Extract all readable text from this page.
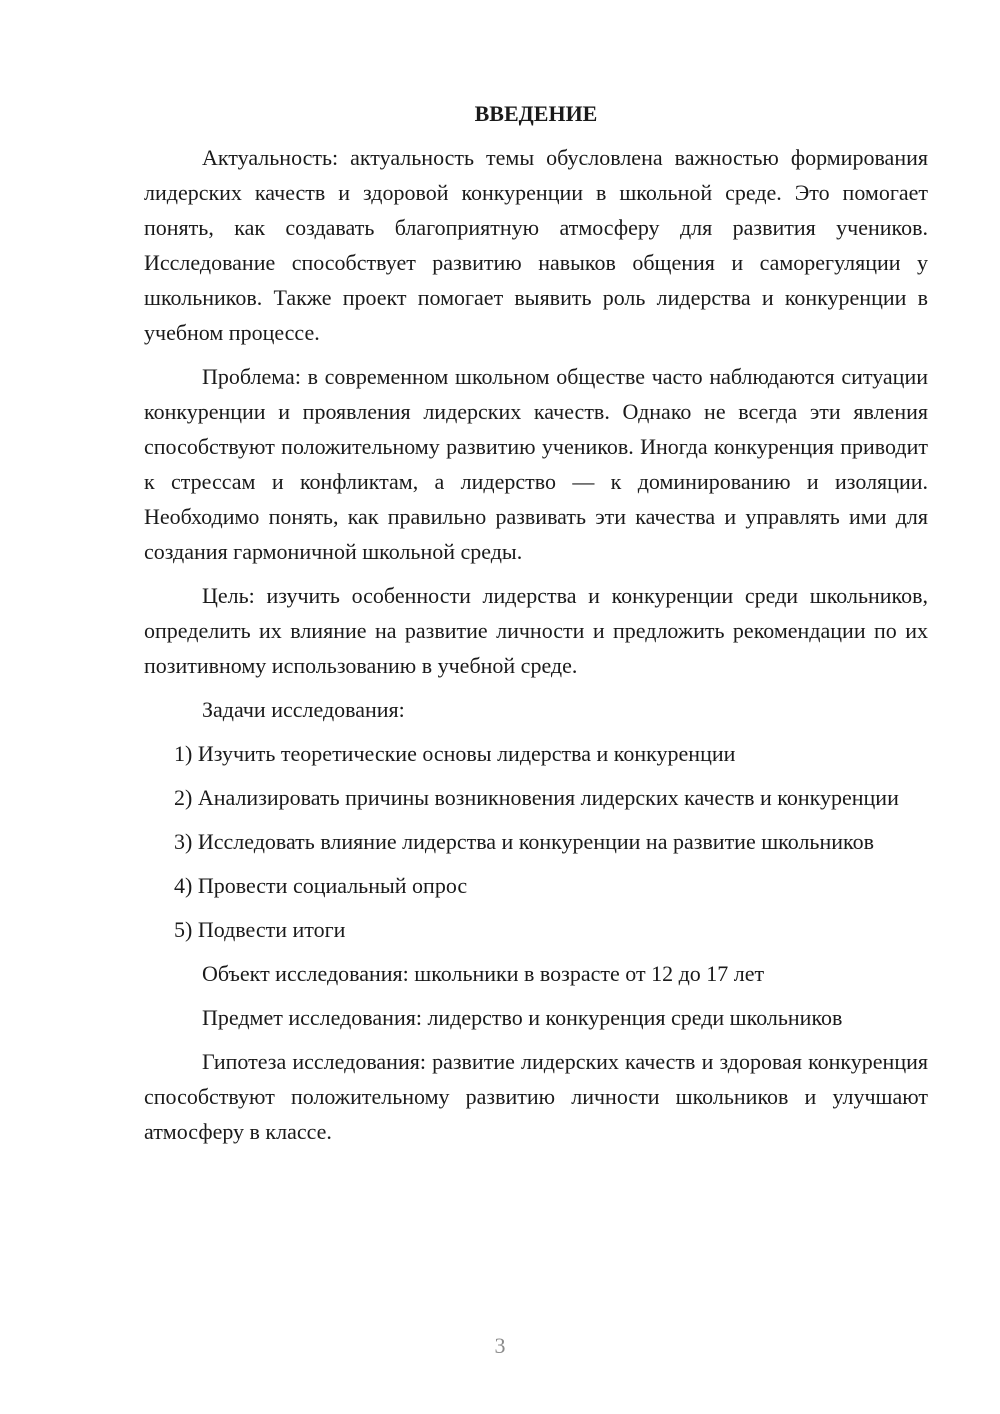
ВВЕДЕНИЕ

Актуальность: актуальность темы обусловлена важностью формирования лидерских качеств и здоровой конкуренции в школьной среде. Это помогает понять, как создавать благоприятную атмосферу для развития учеников. Исследование способствует развитию навыков общения и саморегуляции у школьников. Также проект помогает выявить роль лидерства и конкуренции в учебном процессе.

Проблема: в современном школьном обществе часто наблюдаются ситуации конкуренции и проявления лидерских качеств. Однако не всегда эти явления способствуют положительному развитию учеников. Иногда конкуренция приводит к стрессам и конфликтам, а лидерство — к доминированию и изоляции. Необходимо понять, как правильно развивать эти качества и управлять ими для создания гармоничной школьной среды.

Цель: изучить особенности лидерства и конкуренции среди школьников, определить их влияние на развитие личности и предложить рекомендации по их позитивному использованию в учебной среде.

Задачи исследования:

1) Изучить теоретические основы лидерства и конкуренции

2) Анализировать причины возникновения лидерских качеств и конкуренции

3) Исследовать влияние лидерства и конкуренции на развитие школьников

4) Провести социальный опрос

5) Подвести итоги

Объект исследования: школьники в возрасте от 12 до 17 лет

Предмет исследования: лидерство и конкуренция среди школьников

Гипотеза исследования: развитие лидерских качеств и здоровая конкуренция способствуют положительному развитию личности школьников и улучшают атмосферу в классе.

3
